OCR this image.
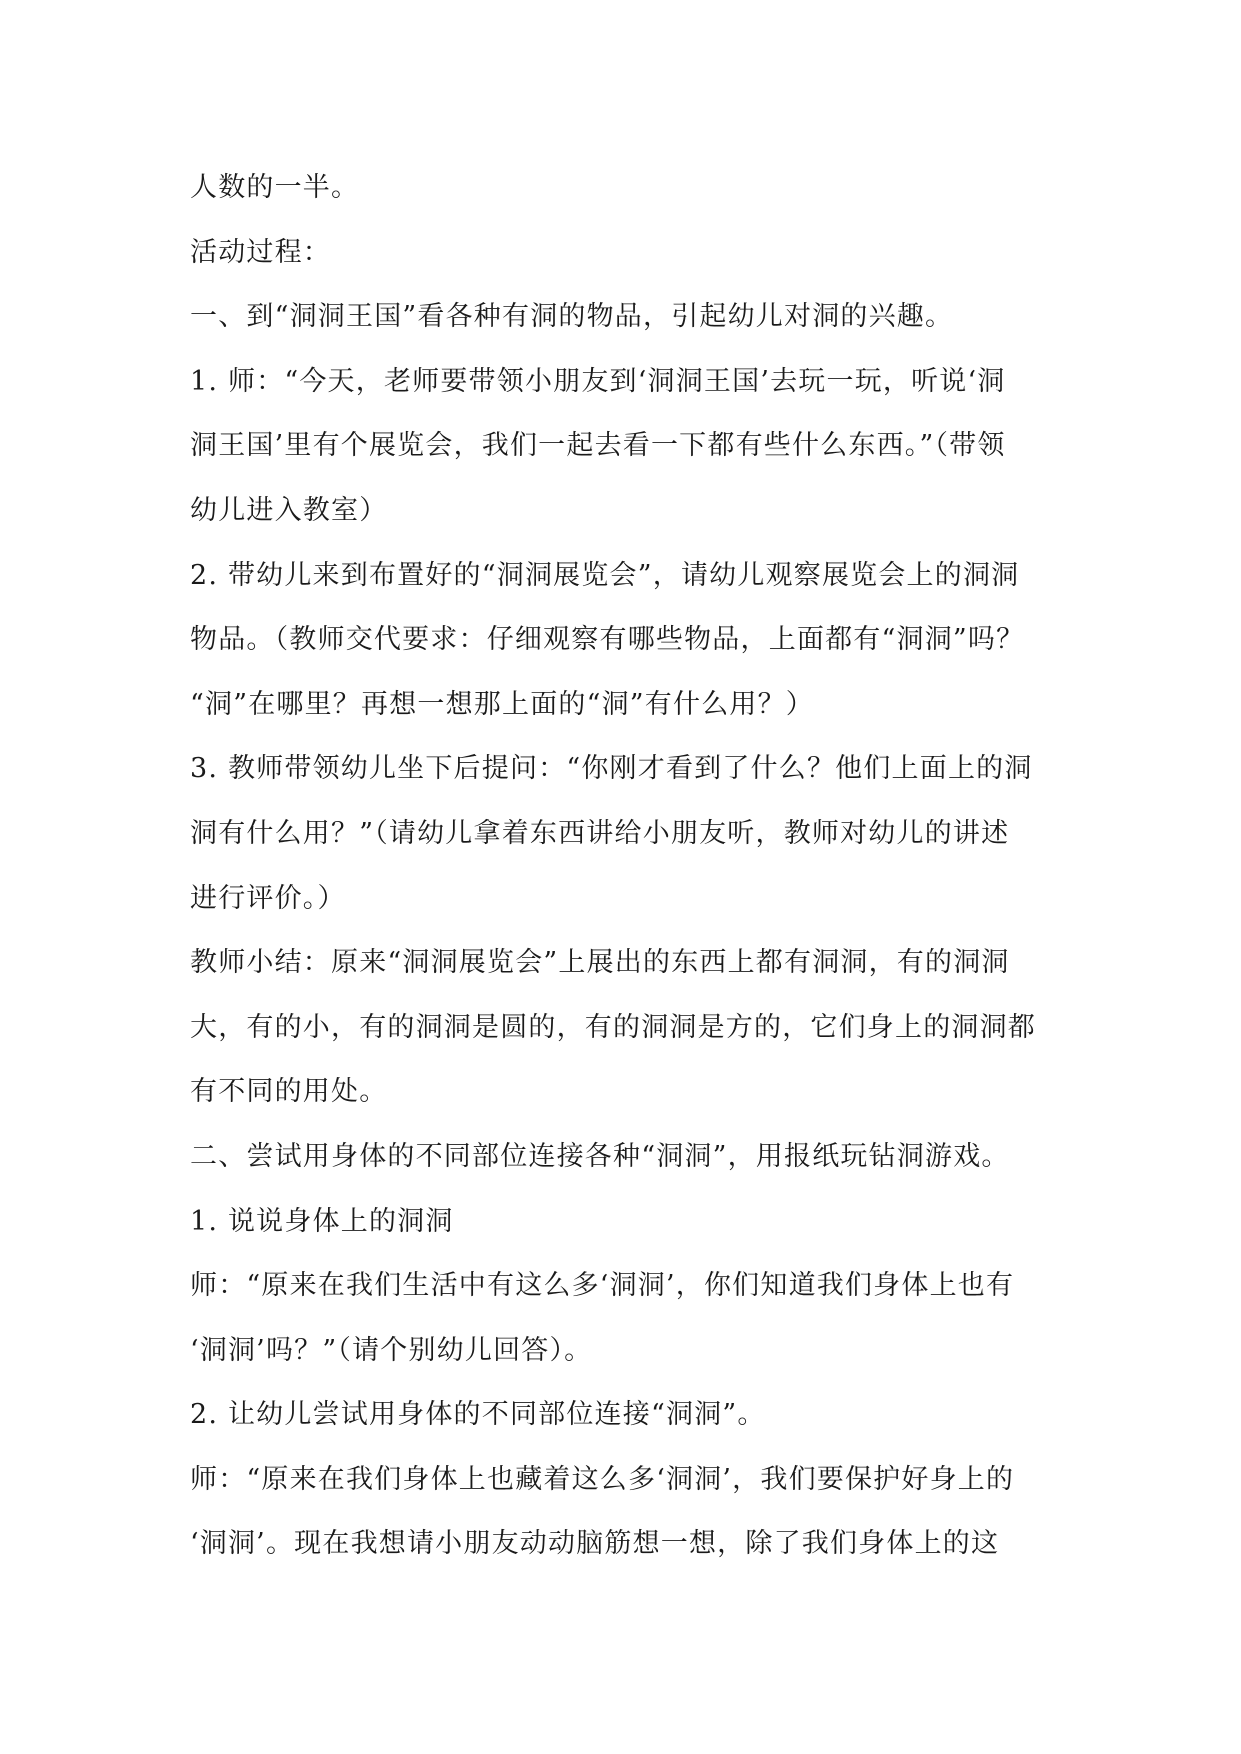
人数的一半。
活动过程：
一、到“洞洞王国”看各种有洞的物品，引起幼儿对洞的兴趣。
1. 师：“今天，老师要带领小朋友到‘洞洞王国’去玩一玩，听说‘洞
洞王国’里有个展览会，我们一起去看一下都有些什么东西。”（带领
幼儿进入教室）
2. 带幼儿来到布置好的“洞洞展览会”，请幼儿观察展览会上的洞洞
物品。（教师交代要求：仔细观察有哪些物品，上面都有“洞洞”吗？
“洞”在哪里？再想一想那上面的“洞”有什么用？）
3. 教师带领幼儿坐下后提问：“你刚才看到了什么？他们上面上的洞
洞有什么用？”（请幼儿拿着东西讲给小朋友听，教师对幼儿的讲述
进行评价。）
教师小结：原来“洞洞展览会”上展出的东西上都有洞洞，有的洞洞
大，有的小，有的洞洞是圆的，有的洞洞是方的，它们身上的洞洞都
有不同的用处。
二、尝试用身体的不同部位连接各种“洞洞”，用报纸玩钻洞游戏。
1. 说说身体上的洞洞
师：“原来在我们生活中有这么多‘洞洞’，你们知道我们身体上也有
‘洞洞’吗？”（请个别幼儿回答）。
2. 让幼儿尝试用身体的不同部位连接“洞洞”。
师：“原来在我们身体上也藏着这么多‘洞洞’，我们要保护好身上的
‘洞洞’。现在我想请小朋友动动脑筋想一想，除了我们身体上的这
